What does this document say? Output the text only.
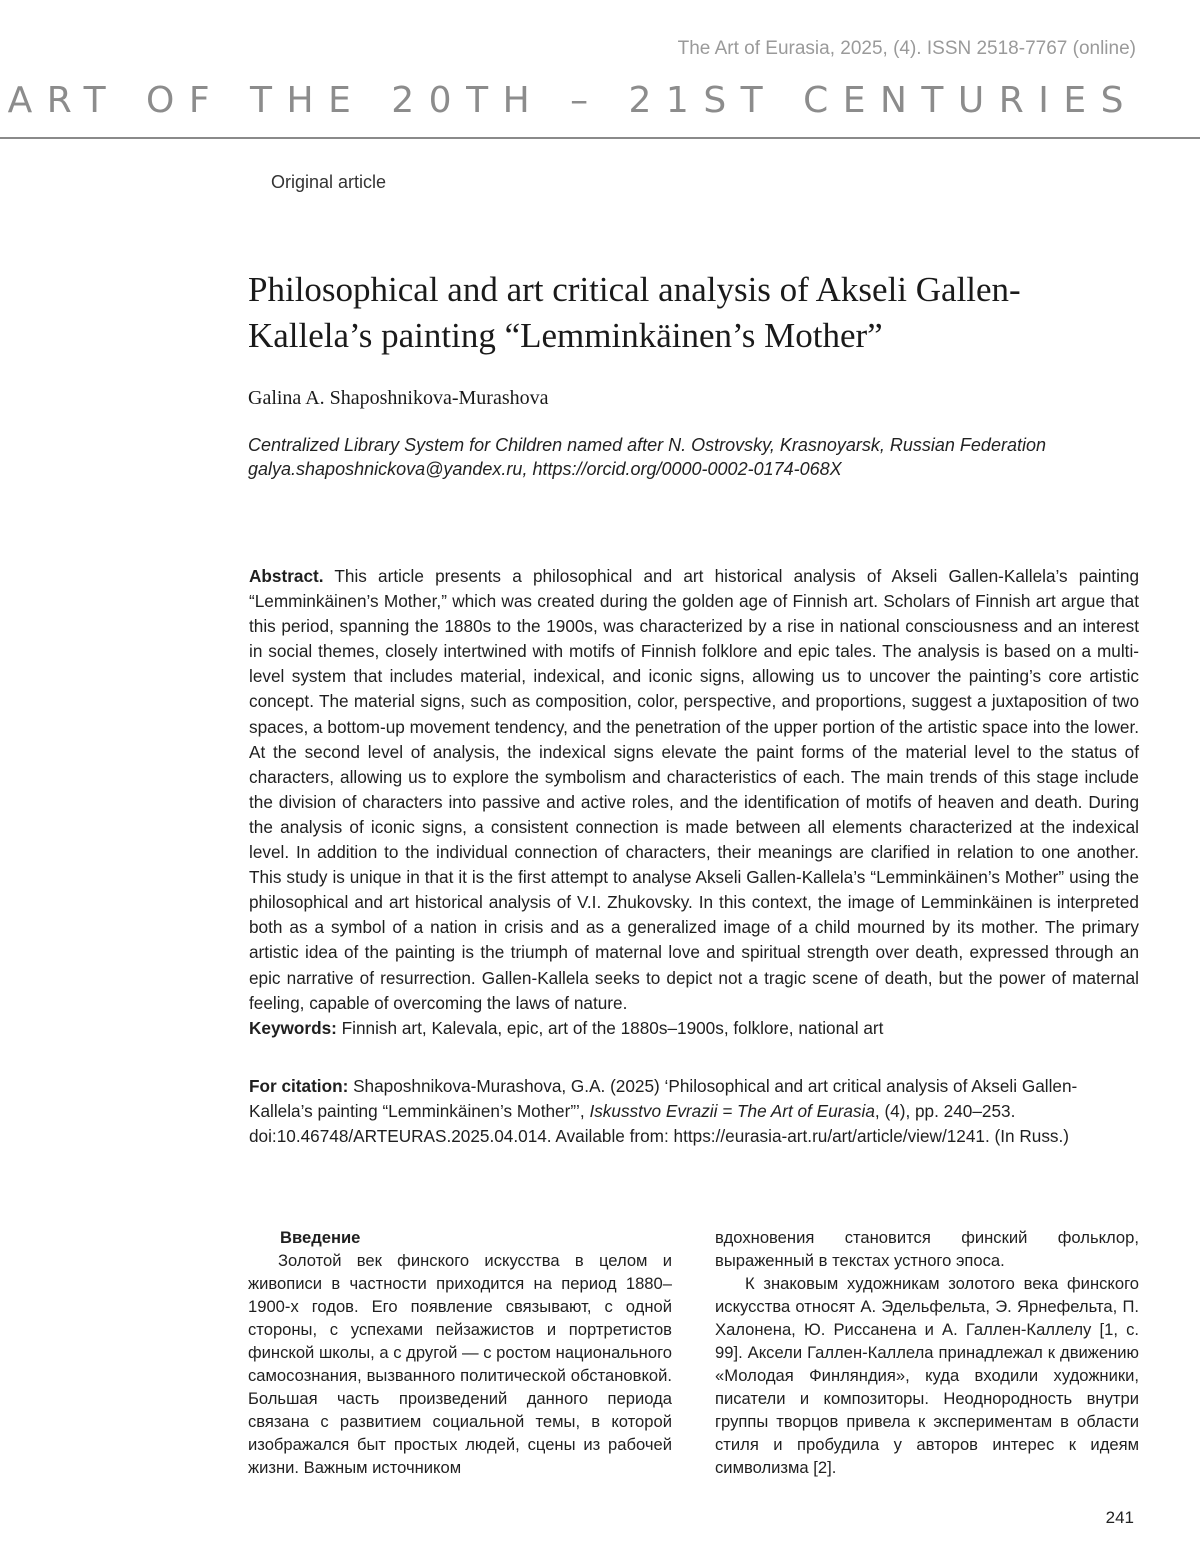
The Art of Eurasia, 2025, (4). ISSN 2518-7767 (online)
ART OF THE 20TH – 21ST CENTURIES
Original article
Philosophical and art critical analysis of Akseli Gallen-Kallela’s painting “Lemminkäinen’s Mother”
Galina A. Shaposhnikova-Murashova
Centralized Library System for Children named after N. Ostrovsky, Krasnoyarsk, Russian Federation
galya.shaposhnickova@yandex.ru, https://orcid.org/0000-0002-0174-068X

Abstract. This article presents a philosophical and art historical analysis of Akseli Gallen-Kallela’s painting “Lemminkäinen’s Mother,” which was created during the golden age of Finnish art. Scholars of Finnish art argue that this period, spanning the 1880s to the 1900s, was characterized by a rise in national consciousness and an interest in social themes, closely intertwined with motifs of Finnish folklore and epic tales. The analysis is based on a multi-level system that includes material, indexical, and iconic signs, allowing us to uncover the painting’s core artistic concept. The material signs, such as composition, color, perspective, and proportions, suggest a juxtaposition of two spaces, a bottom-up movement tendency, and the penetration of the upper portion of the artistic space into the lower. At the second level of analysis, the indexical signs elevate the paint forms of the material level to the status of characters, allowing us to explore the symbolism and characteristics of each. The main trends of this stage include the division of characters into passive and active roles, and the identification of motifs of heaven and death. During the analysis of iconic signs, a consistent connection is made between all elements characterized at the indexical level. In addition to the individual connection of characters, their meanings are clarified in relation to one another. This study is unique in that it is the first attempt to analyse Akseli Gallen-Kallela’s “Lemminkäinen’s Mother” using the philosophical and art historical analysis of V.I. Zhukovsky. In this context, the image of Lemminkäinen is interpreted both as a symbol of a nation in crisis and as a generalized image of a child mourned by its mother. The primary artistic idea of the painting is the triumph of maternal love and spiritual strength over death, expressed through an epic narrative of resurrection. Gallen-Kallela seeks to depict not a tragic scene of death, but the power of maternal feeling, capable of overcoming the laws of nature.

Keywords: Finnish art, Kalevala, epic, art of the 1880s–1900s, folklore, national art

For citation: Shaposhnikova-Murashova, G.A. (2025) ‘Philosophical and art critical analysis of Akseli Gallen-Kallela’s painting “Lemminkäinen’s Mother”’, Iskusstvo Evrazii = The Art of Eurasia, (4), pp. 240–253. doi:10.46748/ARTEURAS.2025.04.014. Available from: https://eurasia-art.ru/art/article/view/1241. (In Russ.)

Введение

Золотой век финского искусства в целом и живописи в частности приходится на период 1880–1900-х годов. Его появление связывают, с одной стороны, с успехами пейзажистов и портретистов финской школы, а с другой — с ростом национального самосознания, вызванного политической обстановкой. Большая часть произведений данного периода связана с развитием социальной темы, в которой изображался быт простых людей, сцены из рабочей жизни. Важным источником

вдохновения становится финский фольклор, выраженный в текстах устного эпоса.

К знаковым художникам золотого века финского искусства относят А. Эдельфельта, Э. Ярнефельта, П. Халонена, Ю. Риссанена и А. Галлен-Каллелу [1, с. 99]. Аксели Галлен-Каллела принадлежал к движению «Молодая Финляндия», куда входили художники, писатели и композиторы. Неоднородность внутри группы творцов привела к экспериментам в области стиля и пробудила у авторов интерес к идеям символизма [2].

241
